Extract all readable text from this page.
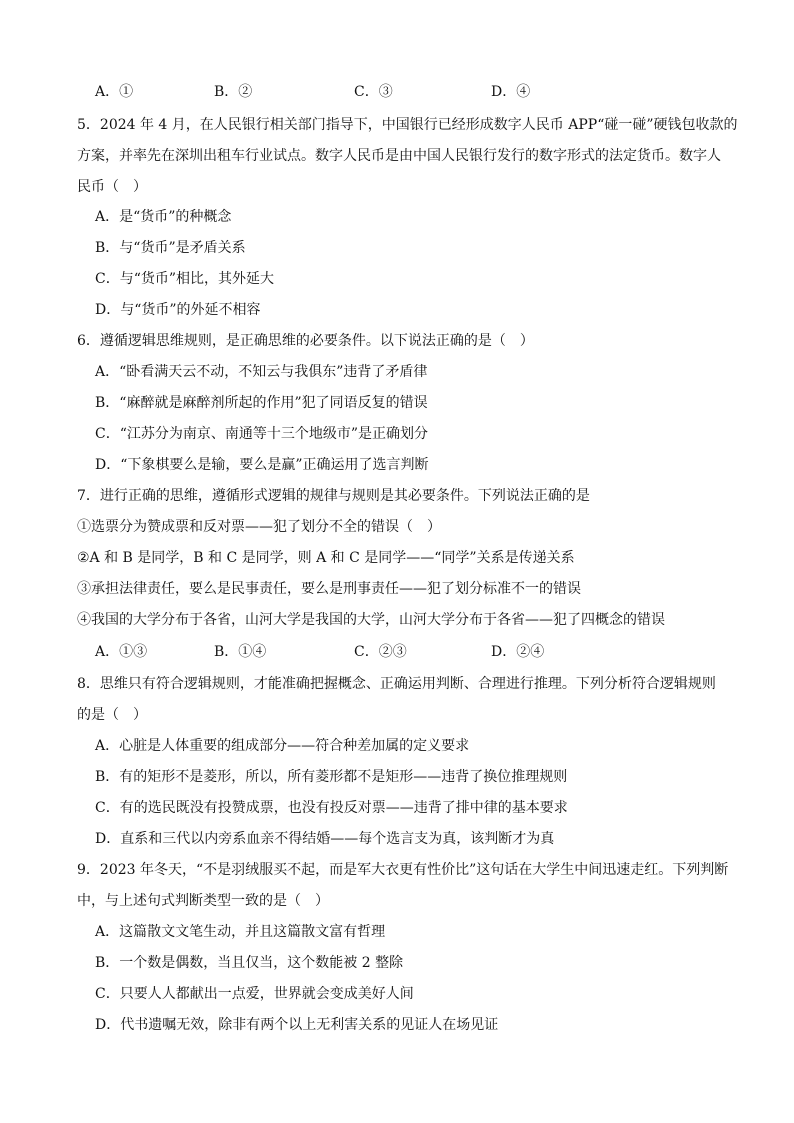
A．①	B．②	C．③	D．④
5．2024 年 4 月，在人民银行相关部门指导下，中国银行已经形成数字人民币 APP“碰一碰”硬钱包收款的
方案，并率先在深圳出租车行业试点。数字人民币是由中国人民银行发行的数字形式的法定货币。数字人
民币（　）
A．是“货币”的种概念
B．与“货币”是矛盾关系
C．与“货币”相比，其外延大
D．与“货币”的外延不相容
6．遵循逻辑思维规则，是正确思维的必要条件。以下说法正确的是（　）
A．“卧看满天云不动，不知云与我俱东”违背了矛盾律
B．“麻醉就是麻醉剂所起的作用”犯了同语反复的错误
C．“江苏分为南京、南通等十三个地级市”是正确划分
D．“下象棋要么是输，要么是赢”正确运用了选言判断
7．进行正确的思维，遵循形式逻辑的规律与规则是其必要条件。下列说法正确的是
①选票分为赞成票和反对票——犯了划分不全的错误（　）
②A 和 B 是同学，B 和 C 是同学，则 A 和 C 是同学——“同学”关系是传递关系
③承担法律责任，要么是民事责任，要么是刑事责任——犯了划分标准不一的错误
④我国的大学分布于各省，山河大学是我国的大学，山河大学分布于各省——犯了四概念的错误
A．①③	B．①④	C．②③	D．②④
8．思维只有符合逻辑规则，才能准确把握概念、正确运用判断、合理进行推理。下列分析符合逻辑规则
的是（　）
A．心脏是人体重要的组成部分——符合种差加属的定义要求
B．有的矩形不是菱形，所以，所有菱形都不是矩形——违背了换位推理规则
C．有的选民既没有投赞成票，也没有投反对票——违背了排中律的基本要求
D．直系和三代以内旁系血亲不得结婚——每个选言支为真，该判断才为真
9．2023 年冬天，“不是羽绒服买不起，而是军大衣更有性价比”这句话在大学生中间迅速走红。下列判断
中，与上述句式判断类型一致的是（　）
A．这篇散文文笔生动，并且这篇散文富有哲理
B．一个数是偶数，当且仅当，这个数能被 2 整除
C．只要人人都献出一点爱，世界就会变成美好人间
D．代书遗嘱无效，除非有两个以上无利害关系的见证人在场见证
